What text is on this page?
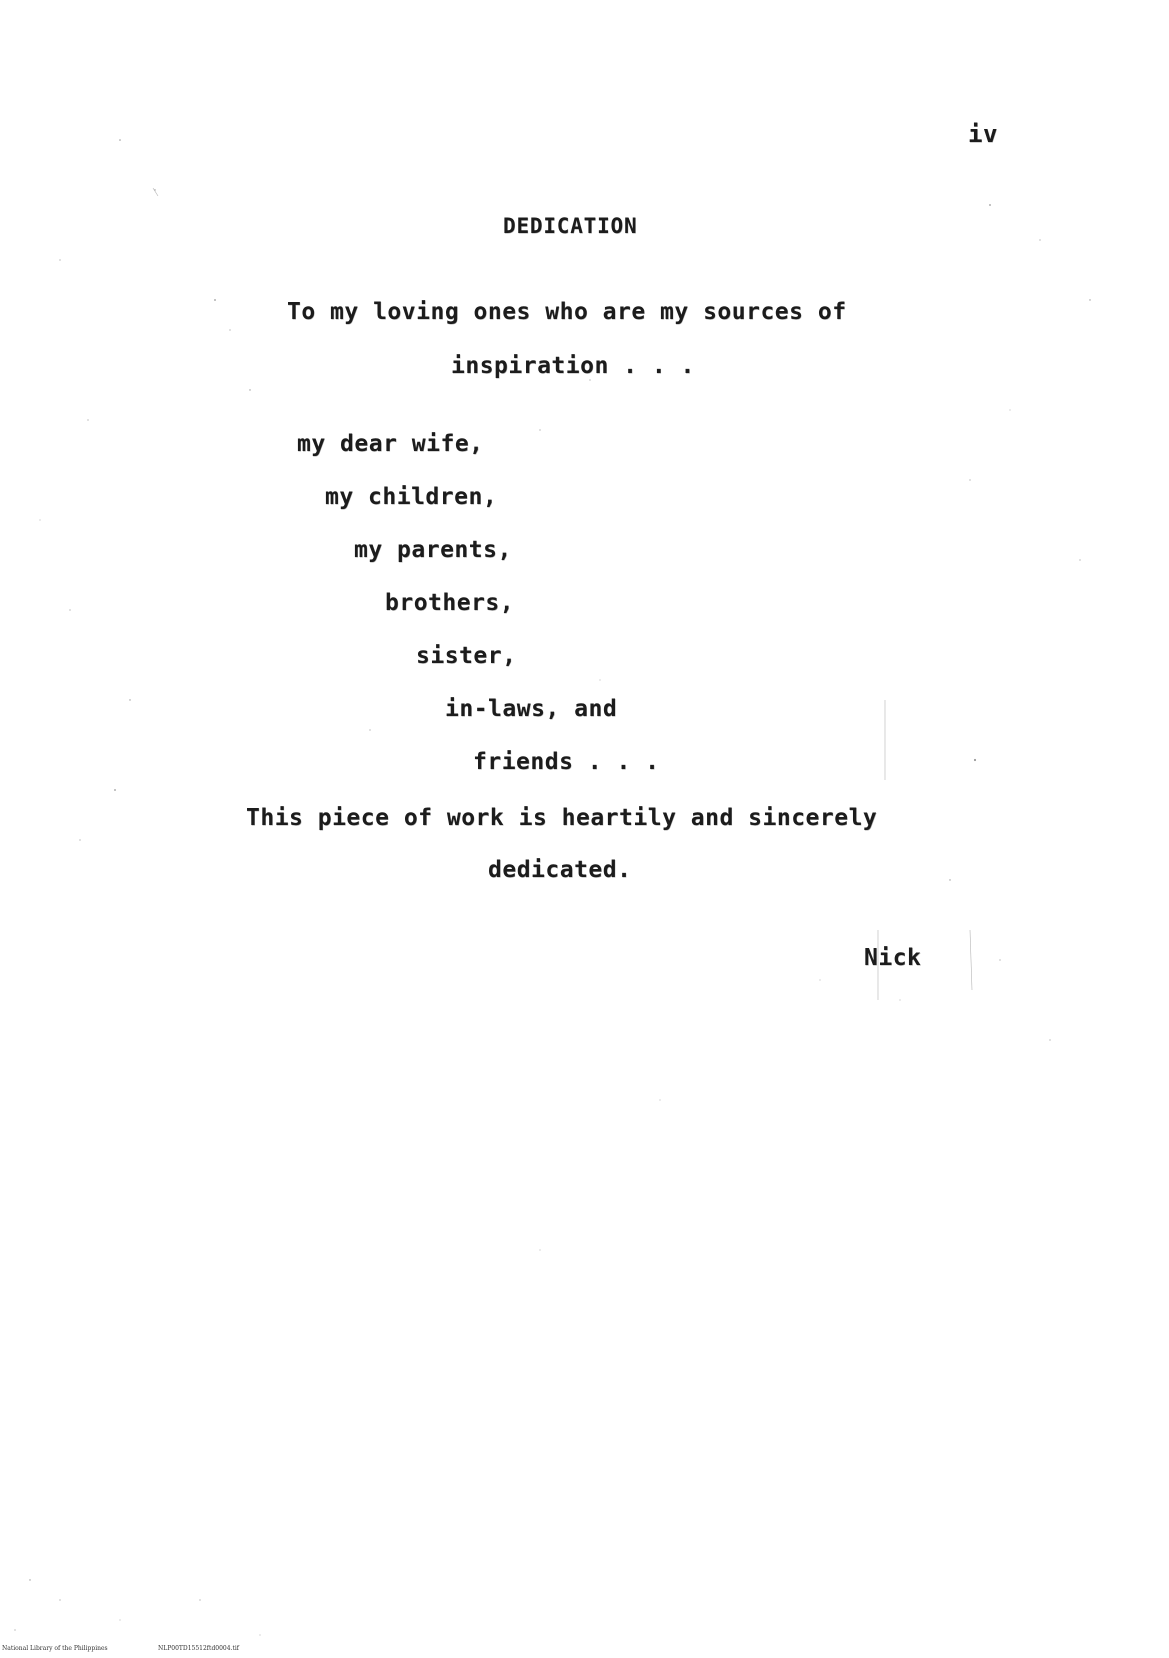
iv
DEDICATION
To my loving ones who are my sources of
inspiration . . .
my dear wife,
my children,
my parents,
brothers,
sister,
in-laws, and
friends . . .
This piece of work is heartily and sincerely
dedicated.
Nick
National Library of the Philippines	NLP00TD15512ftd0004.tif
